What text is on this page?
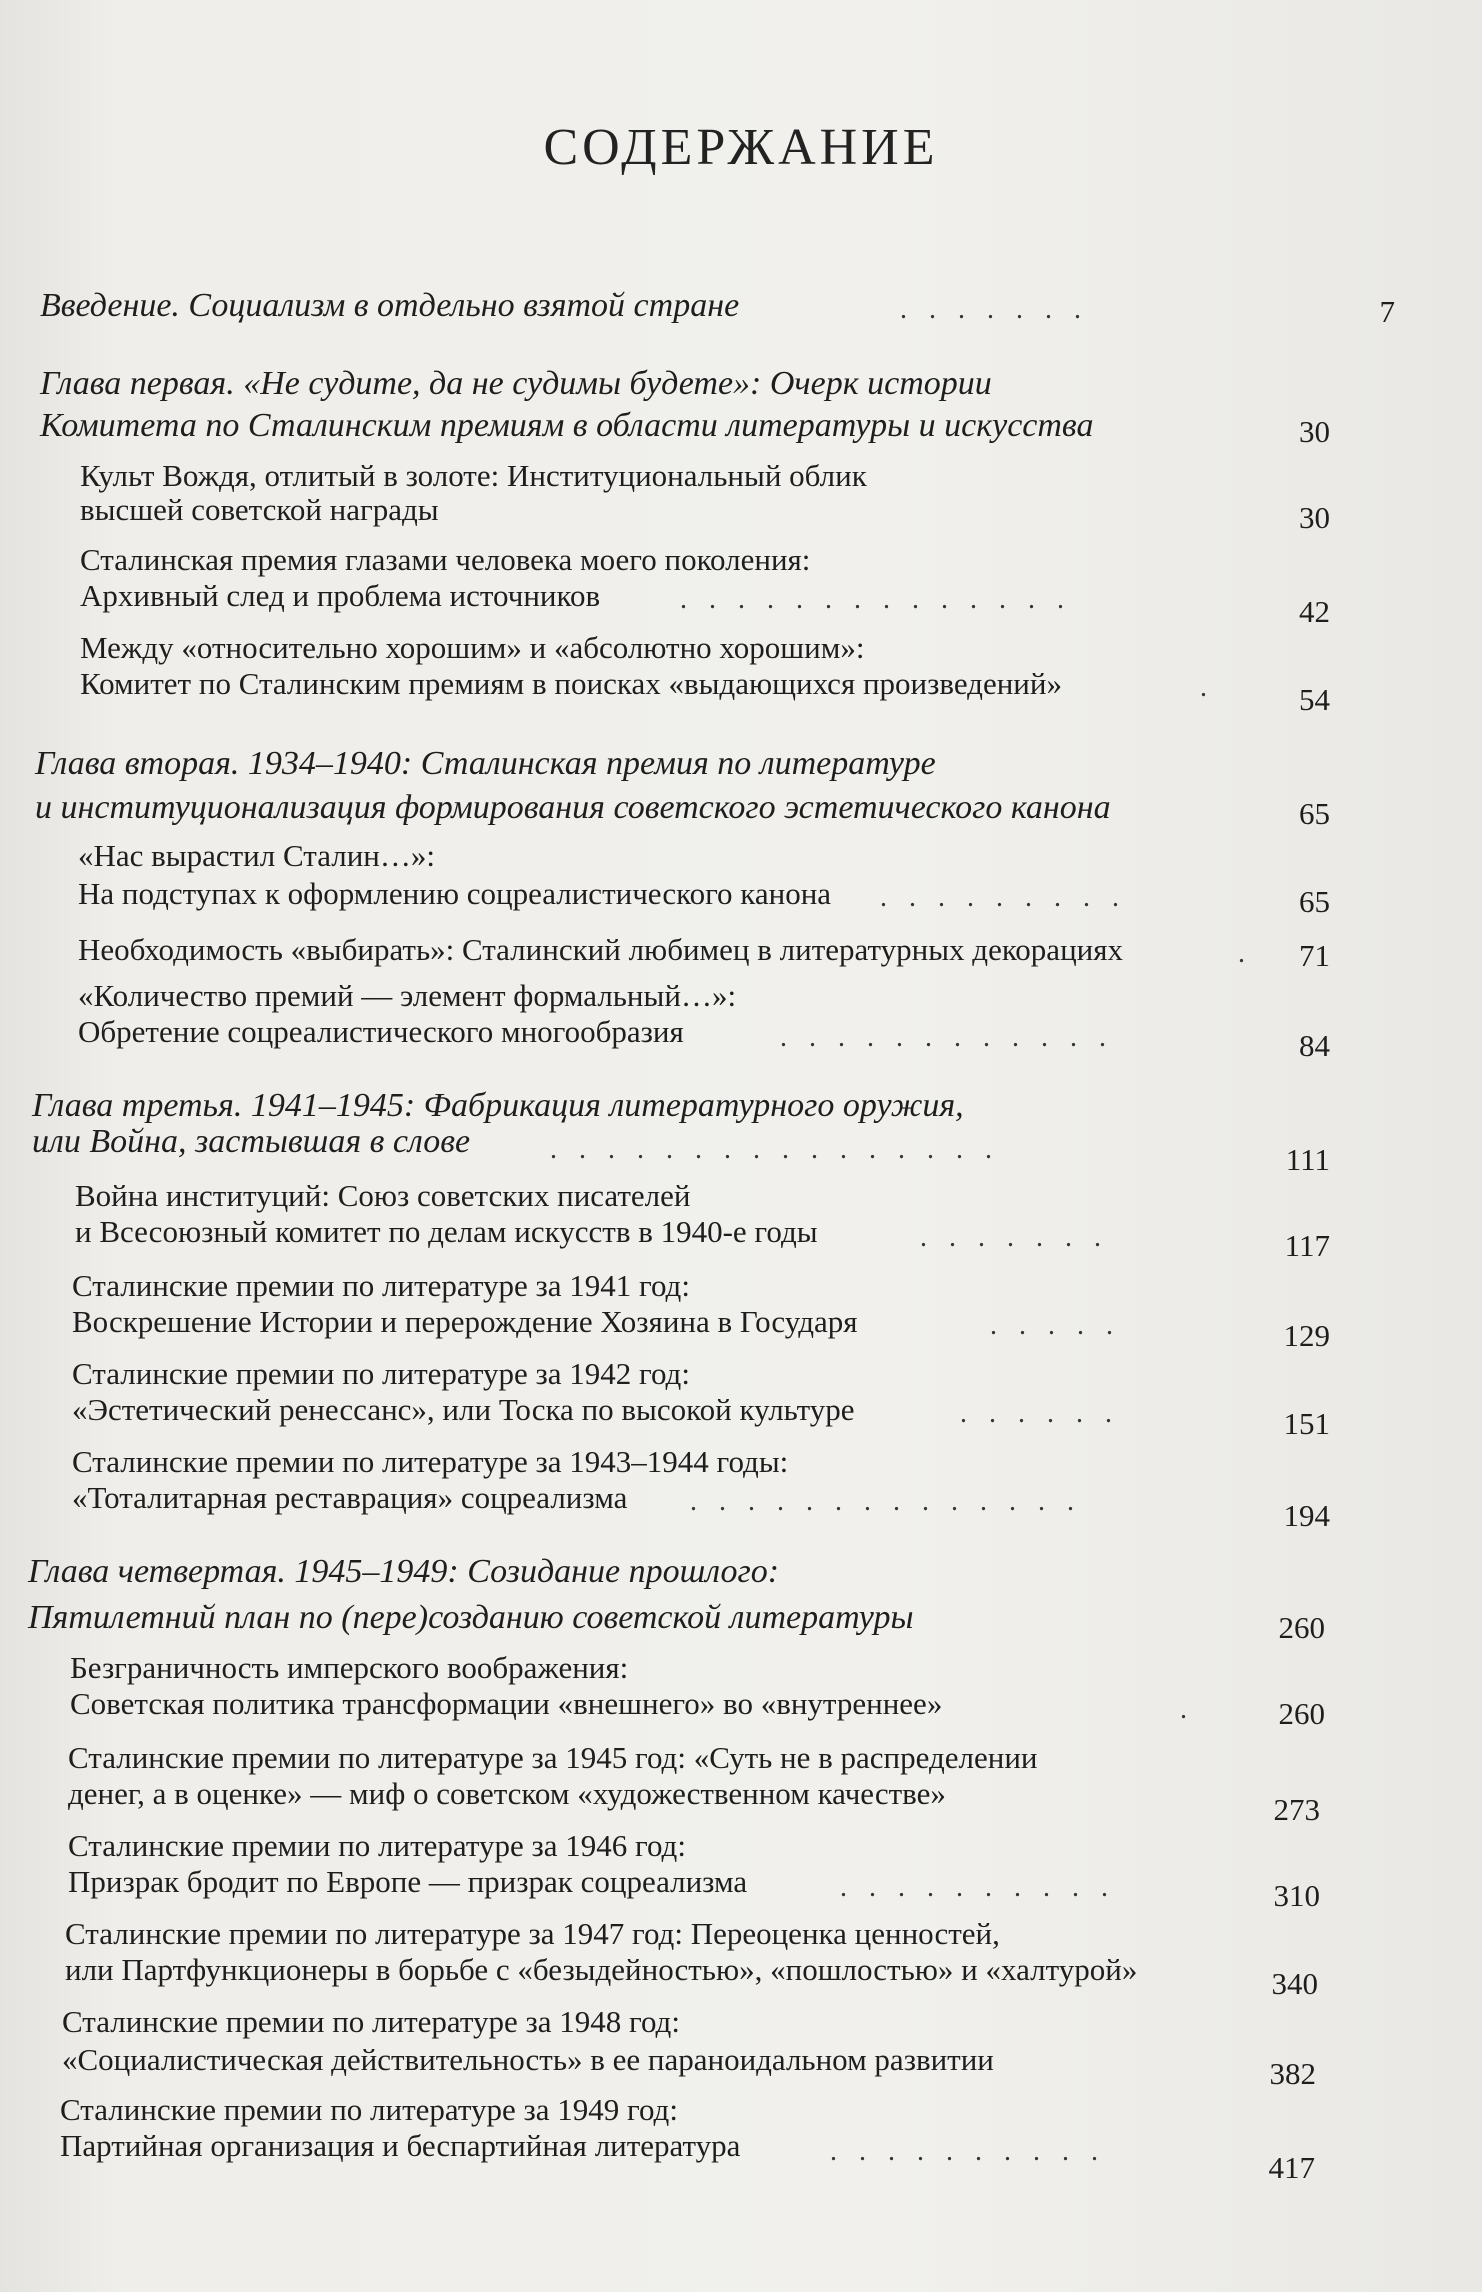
СОДЕРЖАНИЕ
Введение. Социализм в отдельно взятой стране	.......	7
Глава первая. «Не судите, да не судимы будете»: Очерк истории
Комитета по Сталинским премиям в области литературы и искусства	30
Культ Вождя, отлитый в золоте: Институциональный облик
высшей советской награды	30
Сталинская премия глазами человека моего поколения:
Архивный след и проблема источников	..............	42
Между «относительно хорошим» и «абсолютно хорошим»:
Комитет по Сталинским премиям в поисках «выдающихся произведений»	.	54
Глава вторая. 1934–1940: Сталинская премия по литературе
и институционализация формирования советского эстетического канона	65
«Нас вырастил Сталин…»:
На подступах к оформлению соцреалистического канона .........	65
Необходимость «выбирать»: Сталинский любимец в литературных декорациях	.	71
«Количество премий — элемент формальный…»:
Обретение соцреалистического многообразия	............	84
Глава третья. 1941–1945: Фабрикация литературного оружия,
или Война, застывшая в слове	................	111
Война институций: Союз советских писателей
и Всесоюзный комитет по делам искусств в 1940-е годы	.......	117
Сталинские премии по литературе за 1941 год:
Воскрешение Истории и перерождение Хозяина в Государя	.....	129
Сталинские премии по литературе за 1942 год:
«Эстетический ренессанс», или Тоска по высокой культуре	......	151
Сталинские премии по литературе за 1943–1944 годы:
«Тоталитарная реставрация» соцреализма ..............	194
Глава четвертая. 1945–1949: Созидание прошлого:
Пятилетний план по (пере)созданию советской литературы	260
Безграничность имперского воображения:
Советская политика трансформации «внешнего» во «внутреннее»	.	260
Сталинские премии по литературе за 1945 год: «Суть не в распределении
денег, а в оценке» — миф о советском «художественном качестве»	273
Сталинские премии по литературе за 1946 год:
Призрак бродит по Европе — призрак соцреализма	..........	310
Сталинские премии по литературе за 1947 год: Переоценка ценностей,
или Партфункционеры в борьбе с «безыдейностью», «пошлостью» и «халтурой»	340
Сталинские премии по литературе за 1948 год:
«Социалистическая действительность» в ее параноидальном развитии	382
Сталинские премии по литературе за 1949 год:
Партийная организация и беспартийная литература	..........	417
